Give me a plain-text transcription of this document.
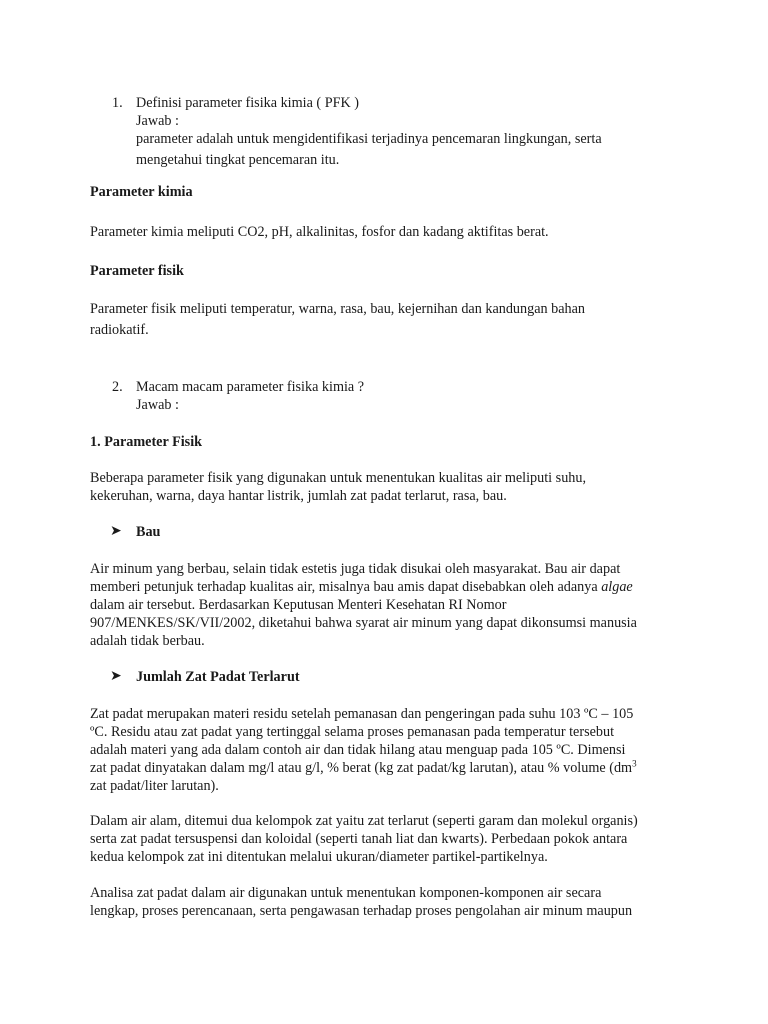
1. Definisi parameter fisika kimia ( PFK )
Jawab :
parameter adalah untuk mengidentifikasi terjadinya pencemaran lingkungan, serta
mengetahui tingkat pencemaran itu.
Parameter kimia
Parameter kimia meliputi CO2, pH, alkalinitas, fosfor dan kadang aktifitas berat.
Parameter fisik
Parameter fisik meliputi temperatur, warna, rasa, bau, kejernihan dan kandungan bahan
radiokatif.
2. Macam macam parameter fisika kimia ?
Jawab :
1. Parameter Fisik
Beberapa parameter fisik yang digunakan untuk menentukan kualitas air meliputi suhu,
kekeruhan, warna, daya hantar listrik, jumlah zat padat terlarut, rasa, bau.
➤ Bau
Air minum yang berbau, selain tidak estetis juga tidak disukai oleh masyarakat. Bau air dapat
memberi petunjuk terhadap kualitas air, misalnya bau amis dapat disebabkan oleh adanya algae
dalam air tersebut. Berdasarkan Keputusan Menteri Kesehatan RI Nomor
907/MENKES/SK/VII/2002, diketahui bahwa syarat air minum yang dapat dikonsumsi manusia
adalah tidak berbau.
➤ Jumlah Zat Padat Terlarut
Zat padat merupakan materi residu setelah pemanasan dan pengeringan pada suhu 103 ºC – 105
ºC. Residu atau zat padat yang tertinggal selama proses pemanasan pada temperatur tersebut
adalah materi yang ada dalam contoh air dan tidak hilang atau menguap pada 105 ºC. Dimensi
zat padat dinyatakan dalam mg/l atau g/l, % berat (kg zat padat/kg larutan), atau % volume ($dm^3$
zat padat/liter larutan).
Dalam air alam, ditemui dua kelompok zat yaitu zat terlarut (seperti garam dan molekul organis)
serta zat padat tersuspensi dan koloidal (seperti tanah liat dan kwarts). Perbedaan pokok antara
kedua kelompok zat ini ditentukan melalui ukuran/diameter partikel-partikelnya.
Analisa zat padat dalam air digunakan untuk menentukan komponen-komponen air secara
lengkap, proses perencanaan, serta pengawasan terhadap proses pengolahan air minum maupun
